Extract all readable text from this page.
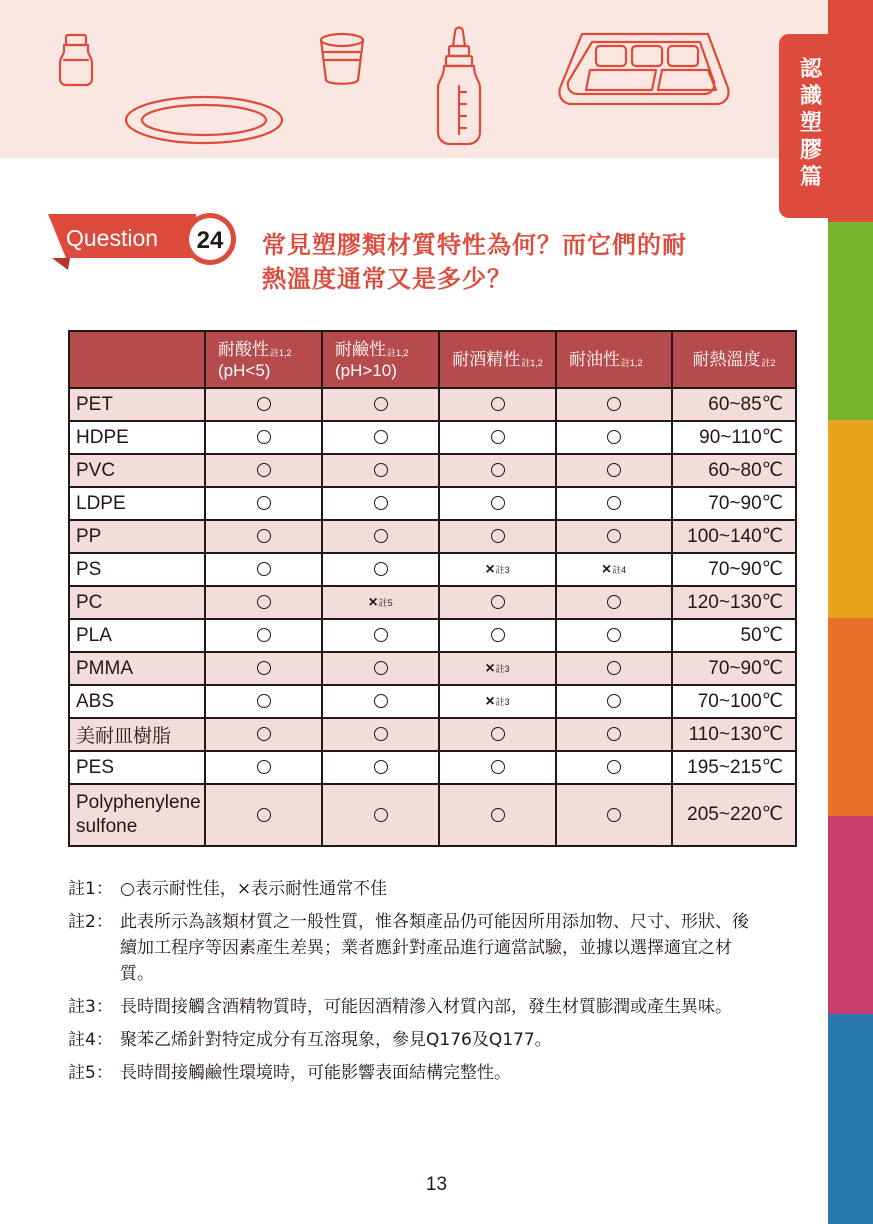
認
識
塑
膠
篇
Question 24 常見塑膠類材質特性為何？而它們的耐
熱溫度通常又是多少？
	耐酸性$^{註1,2}$
(pH<5)	耐鹼性$^{註1,2}$
(pH>10)	耐酒精性$^{註1,2}$	耐油性$^{註1,2}$	耐熱溫度$^{註2}$
PET					60~85℃
HDPE					90~110℃
PVC					60~80℃
LDPE					70~90℃
PP					100~140℃
PS			×$^{註3}$	×$^{註4}$	70~90℃
PC		×$^{註5}$			120~130℃
PLA					50℃
PMMA			×$^{註3}$		70~90℃
ABS			×$^{註3}$		70~100℃
美耐皿樹脂					110~130℃
PES					195~215℃
Polyphenylene
sulfone					205~220℃
註1： ○表示耐性佳，×表示耐性通常不佳
註2： 此表所示為該類材質之一般性質，惟各類產品仍可能因所用添加物、尺寸、形狀、後續加工程序等因素產生差異；業者應針對產品進行適當試驗，並據以選擇適宜之材質。
註3： 長時間接觸含酒精物質時，可能因酒精滲入材質內部，發生材質膨潤或產生異味。
註4： 聚苯乙烯針對特定成分有互溶現象，參見Q176及Q177。
註5： 長時間接觸鹼性環境時，可能影響表面結構完整性。
13
